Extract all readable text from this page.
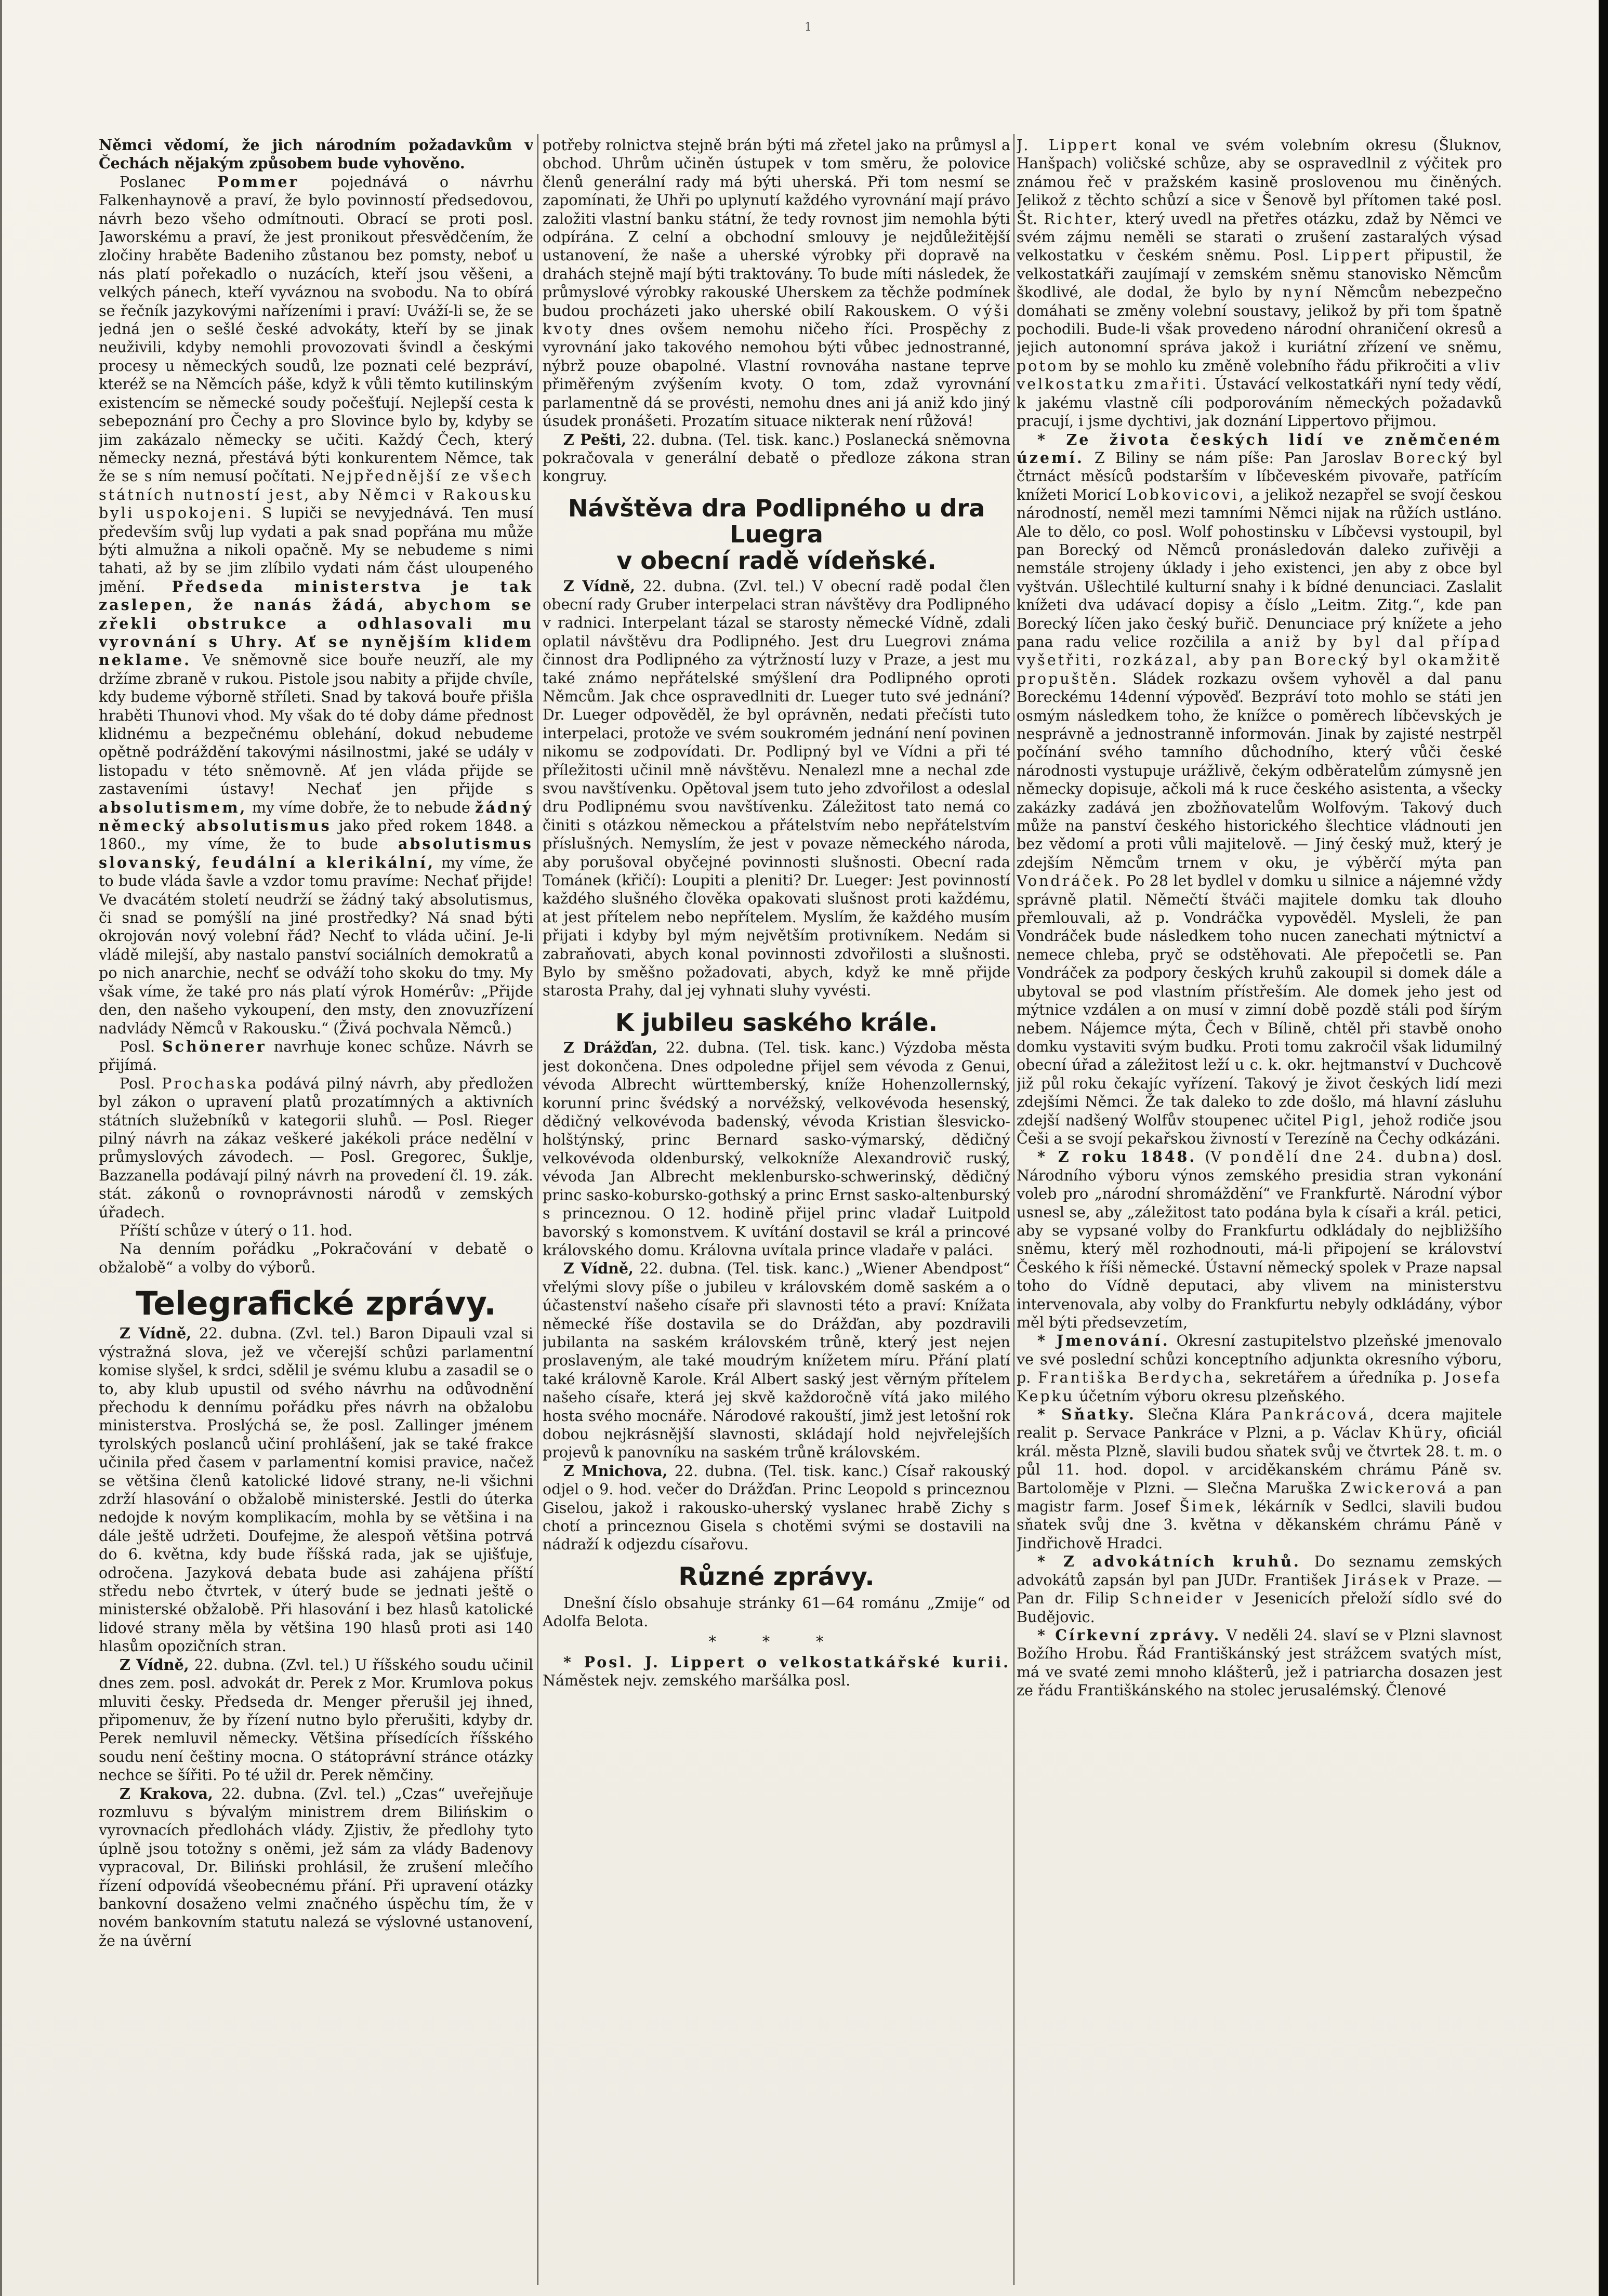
1

Němci vědomí, že jich národním požadavkům v Čechách nějakým způsobem bude vyhověno.

Poslanec Pommer pojednává o návrhu Falkenhaynově a praví, že bylo povinností předsedovou, návrh bezo všeho odmítnouti. Obrací se proti posl. Jaworskému a praví, že jest pronikout přesvědčením, že zločiny hraběte Badeniho zůstanou bez pomsty, neboť u nás platí pořekadlo o nuzácích, kteří jsou věšeni, a velkých pánech, kteří vyváznou na svobodu. Na to obírá se řečník jazykovými nařízeními i praví: Uváží-li se, že se jedná jen o sešlé české advokáty, kteří by se jinak neuživili, kdyby nemohli provozovati švindl a českými procesy u německých soudů, lze poznati celé bezpráví, kteréž se na Němcích páše, když k vůli těmto kutilinským existencím se německé soudy počešťují. Nejlepší cesta k sebepoznání pro Čechy a pro Slovince bylo by, kdyby se jim zakázalo německy se učiti. Každý Čech, který německy nezná, přestává býti konkurentem Němce, tak že se s ním nemusí počítati. Nejpřednější ze všech státních nutností jest, aby Němci v Rakousku byli uspokojeni. S lupiči se nevyjednává. Ten musí především svůj lup vydati a pak snad popřána mu může býti almužna a nikoli opačně. My se nebudeme s nimi tahati, až by se jim zlíbilo vydati nám část uloupeného jmění. Předseda ministerstva je tak zaslepen, že nanás žádá, abychom se zřekli obstrukce a odhlasovali mu vyrovnání s Uhry. Ať se nynějším klidem neklame. Ve sněmovně sice bouře neuzří, ale my držíme zbraně v rukou. Pistole jsou nabity a přijde chvíle, kdy budeme výborně stříleti. Snad by taková bouře přišla hraběti Thunovi vhod. My však do té doby dáme přednost klidnému a bezpečnému oblehání, dokud nebudeme opětně podráždění takovými násilnostmi, jaké se udály v listopadu v této sněmovně. Ať jen vláda přijde se zastaveními ústavy! Nechať jen přijde s absolutismem, my víme dobře, že to nebude žádný německý absolutismus jako před rokem 1848. a 1860., my víme, že to bude absolutismus slovanský, feudální a klerikální, my víme, že to bude vláda šavle a vzdor tomu pravíme: Nechať přijde! Ve dvacátém století neudrží se žádný taký absolutismus, či snad se pomýšlí na jiné prostředky? Ná snad býti okrojován nový volební řád? Nechť to vláda učiní. Je-li vládě milejší, aby nastalo panství sociálních demokratů a po nich anarchie, nechť se odváží toho skoku do tmy. My však víme, že také pro nás platí výrok Homérův: „Přijde den, den našeho vykoupení, den msty, den znovuzřízení nadvlády Němců v Rakousku.“ (Živá pochvala Němců.)

Posl. Schönerer navrhuje konec schůze. Návrh se přijímá.

Posl. Prochaska podává pilný návrh, aby předložen byl zákon o upravení platů prozatímných a aktivních státních služebníků v kategorii sluhů. — Posl. Rieger pilný návrh na zákaz veškeré jakékoli práce nedělní v průmyslových závodech. — Posl. Gregorec, Šuklje, Bazzanella podávají pilný návrh na provedení čl. 19. zák. stát. zákonů o rovnoprávnosti národů v zemských úřadech.

Příští schůze v úterý o 11. hod.

Na denním pořádku „Pokračování v debatě o obžalobě“ a volby do výborů.

Telegrafické zprávy.

Z Vídně, 22. dubna. (Zvl. tel.) Baron Dipauli vzal si výstražná slova, jež ve včerejší schůzi parlamentní komise slyšel, k srdci, sdělil je svému klubu a zasadil se o to, aby klub upustil od svého návrhu na odůvodnění přechodu k dennímu pořádku přes návrh na obžalobu ministerstva. Proslýchá se, že posl. Zallinger jménem tyrolských poslanců učiní prohlášení, jak se také frakce učinila před časem v parlamentní komisi pravice, načež se většina členů katolické lidové strany, ne-li všichni zdrží hlasování o obžalobě ministerské. Jestli do úterka nedojde k novým komplikacím, mohla by se většina i na dále ještě udržeti. Doufejme, že alespoň většina potrvá do 6. května, kdy bude říšská rada, jak se ujišťuje, odročena. Jazyková debata bude asi zahájena příští středu nebo čtvrtek, v úterý bude se jednati ještě o ministerské obžalobě. Při hlasování i bez hlasů katolické lidové strany měla by většina 190 hlasů proti asi 140 hlasům opozičních stran.

Z Vídně, 22. dubna. (Zvl. tel.) U říšského soudu učinil dnes zem. posl. advokát dr. Perek z Mor. Krumlova pokus mluviti česky. Předseda dr. Menger přerušil jej ihned, připomenuv, že by řízení nutno bylo přerušiti, kdyby dr. Perek nemluvil německy. Většina přísedících říšského soudu není češtiny mocna. O státoprávní stránce otázky nechce se šířiti. Po té užil dr. Perek němčiny.

Z Krakova, 22. dubna. (Zvl. tel.) „Czas“ uveřejňuje rozmluvu s bývalým ministrem drem Bilińskim o vyrovnacích předlohách vlády. Zjistiv, že předlohy tyto úplně jsou totožny s oněmi, jež sám za vlády Badenovy vypracoval, Dr. Biliński prohlásil, že zrušení mlečího řízení odpovídá všeobecnému přání. Při upravení otázky bankovní dosaženo velmi značného úspěchu tím, že v novém bankovním statutu nalezá se výslovné ustanovení, že na úvěrní

potřeby rolnictva stejně brán býti má zřetel jako na průmysl a obchod. Uhrům učiněn ústupek v tom směru, že polovice členů generální rady má býti uherská. Při tom nesmí se zapomínati, že Uhři po uplynutí každého vyrovnání mají právo založiti vlastní banku státní, že tedy rovnost jim nemohla býti odpírána. Z celní a obchodní smlouvy je nejdůležitější ustanovení, že naše a uherské výrobky při dopravě na drahách stejně mají býti traktovány. To bude míti následek, že průmyslové výrobky rakouské Uherskem za těchže podmínek budou procházeti jako uherské obilí Rakouskem. O výši kvoty dnes ovšem nemohu ničeho říci. Prospěchy z vyrovnání jako takového nemohou býti vůbec jednostranné, nýbrž pouze obapolné. Vlastní rovnováha nastane teprve přiměřeným zvýšením kvoty. O tom, zdaž vyrovnání parlamentně dá se provésti, nemohu dnes ani já aniž kdo jiný úsudek pronášeti. Prozatím situace nikterak není růžová!

Z Pešti, 22. dubna. (Tel. tisk. kanc.) Poslanecká sněmovna pokračovala v generální debatě o předloze zákona stran kongruy.

Návštěva dra Podlipného u dra Luegra
v obecní radě vídeňské.

Z Vídně, 22. dubna. (Zvl. tel.) V obecní radě podal člen obecní rady Gruber interpelaci stran návštěvy dra Podlipného v radnici. Interpelant tázal se starosty německé Vídně, zdali oplatil návštěvu dra Podlipného. Jest dru Luegrovi známa činnost dra Podlipného za výtržností luzy v Praze, a jest mu také známo nepřátelské smýšlení dra Podlipného oproti Němcům. Jak chce ospravedlniti dr. Lueger tuto své jednání? Dr. Lueger odpověděl, že byl oprávněn, nedati přečísti tuto interpelaci, protože ve svém soukromém jednání není povinen nikomu se zodpovídati. Dr. Podlipný byl ve Vídni a při té příležitosti učinil mně návštěvu. Nenalezl mne a nechal zde svou navštívenku. Opětoval jsem tuto jeho zdvořilost a odeslal dru Podlipnému svou navštívenku. Záležitost tato nemá co činiti s otázkou německou a přátelstvím nebo nepřátelstvím příslušných. Nemyslím, že jest v povaze německého národa, aby porušoval obyčejné povinnosti slušnosti. Obecní rada Tománek (křičí): Loupiti a pleniti? Dr. Lueger: Jest povinností každého slušného člověka opakovati slušnost proti každému, at jest přítelem nebo nepřítelem. Myslím, že každého musím přijati i kdyby byl mým největším protivníkem. Nedám si zabraňovati, abych konal povinnosti zdvořilosti a slušnosti. Bylo by směšno požadovati, abych, když ke mně přijde starosta Prahy, dal jej vyhnati sluhy vyvésti.

K jubileu saského krále.

Z Drážďan, 22. dubna. (Tel. tisk. kanc.) Výzdoba města jest dokončena. Dnes odpoledne přijel sem vévoda z Genui, vévoda Albrecht württemberský, kníže Hohenzollernský, korunní princ švédský a norvéžský, velkovévoda hesenský, dědičný velkovévoda badenský, vévoda Kristian šlesvicko-holštýnský, princ Bernard sasko-výmarský, dědičný velkovévoda oldenburský, velkokníže Alexandrovič ruský, vévoda Jan Albrecht meklenbursko-schwerinský, dědičný princ sasko-kobursko-gothský a princ Ernst sasko-altenburský s princeznou. O 12. hodině přijel princ vladař Luitpold bavorský s komonstvem. K uvítání dostavil se král a princové královského domu. Královna uvítala prince vladaře v paláci.

Z Vídně, 22. dubna. (Tel. tisk. kanc.) „Wiener Abendpost“ vřelými slovy píše o jubileu v královském domě saském a o účastenství našeho císaře při slavnosti této a praví: Knížata německé říše dostavila se do Drážďan, aby pozdravili jubilanta na saském královském trůně, který jest nejen proslaveným, ale také moudrým knížetem míru. Přání platí také královně Karole. Král Albert saský jest věrným přítelem našeho císaře, která jej skvě každoročně vítá jako milého hosta svého mocnáře. Národové rakouští, jimž jest letošní rok dobou nejkrásnější slavnosti, skládají hold nejvřelejších projevů k panovníku na saském trůně královském.

Z Mnichova, 22. dubna. (Tel. tisk. kanc.) Císař rakouský odjel o 9. hod. večer do Drážďan. Princ Leopold s princeznou Giselou, jakož i rakousko-uherský vyslanec hrabě Zichy s chotí a princeznou Gisela s chotěmi svými se dostavili na nádraží k odjezdu císařovu.

Různé zprávy.

Dnešní číslo obsahuje stránky 61—64 románu „Zmije“ od Adolfa Belota.

* * *

* Posl. J. Lippert o velkostatkářské kurii. Náměstek nejv. zemského maršálka posl.

J. Lippert konal ve svém volebním okresu (Šluknov, Hanšpach) voličské schůze, aby se ospravedlnil z výčitek pro známou řeč v pražském kasině proslovenou mu činěných. Jelikož z těchto schůzí a sice v Šenově byl přítomen také posl. Št. Richter, který uvedl na přetřes otázku, zdaž by Němci ve svém zájmu neměli se starati o zrušení zastaralých výsad velkostatku v českém sněmu. Posl. Lippert připustil, že velkostatkáři zaujímají v zemském sněmu stanovisko Němcům škodlivé, ale dodal, že bylo by nyní Němcům nebezpečno domáhati se změny volební soustavy, jelikož by při tom špatně pochodili. Bude-li však provedeno národní ohraničení okresů a jejich autonomní správa jakož i kuriátní zřízení ve sněmu, potom by se mohlo ku změně volebního řádu přikročiti a vliv velkostatku zmařiti. Ústavácí velkostatkáři nyní tedy vědí, k jakému vlastně cíli podporováním německých požadavků pracují, i jsme dychtivi, jak doznání Lippertovo přijmou.

* Ze života českých lidí ve zněmčeném území. Z Biliny se nám píše: Pan Jaroslav Borecký byl čtrnáct měsíců podstarším v líbčeveském pivovaře, patřícím knížeti Moricí Lobkovicovi, a jelikož nezapřel se svojí českou národností, neměl mezi tamními Němci nijak na růžích ustláno. Ale to dělo, co posl. Wolf pohostinsku v Líbčevsi vystoupil, byl pan Borecký od Němců pronásledován daleko zuřivěji a nemstále strojeny úklady i jeho existenci, jen aby z obce byl vyštván. Ušlechtilé kulturní snahy i k bídné denunciaci. Zaslalit knížeti dva udávací dopisy a číslo „Leitm. Zitg.“, kde pan Borecký líčen jako český buřič. Denunciace prý knížete a jeho pana radu velice rozčilila a aniž by byl dal případ vyšetřiti, rozkázal, aby pan Borecký byl okamžitě propuštěn. Sládek rozkazu ovšem vyhověl a dal panu Boreckému 14denní výpověď. Bezpráví toto mohlo se státi jen osmým následkem toho, že knížce o poměrech líbčevských je nesprávně a jednostranně informován. Jinak by zajisté nestrpěl počínání svého tamního důchodního, který vůči české národnosti vystupuje urážlivě, čekým odběratelům zúmysně jen německy dopisuje, ačkoli má k ruce českého asistenta, a všecky zakázky zadává jen zbožňovatelům Wolfovým. Takový duch může na panství českého historického šlechtice vládnouti jen bez vědomí a proti vůli majitelově. — Jiný český muž, který je zdejším Němcům trnem v oku, je výběrčí mýta pan Vondráček. Po 28 let bydlel v domku u silnice a nájemné vždy správně platil. Němečtí štváči majitele domku tak dlouho přemlouvali, až p. Vondráčka vypověděl. Mysleli, že pan Vondráček bude následkem toho nucen zanechati mýtnictví a nemece chleba, pryč se odstěhovati. Ale přepočetli se. Pan Vondráček za podpory českých kruhů zakoupil si domek dále a ubytoval se pod vlastním přístřeším. Ale domek jeho jest od mýtnice vzdálen a on musí v zimní době pozdě stáli pod šírým nebem. Nájemce mýta, Čech v Bílině, chtěl při stavbě onoho domku vystaviti svým budku. Proti tomu zakročil však lidumilný obecní úřad a záležitost leží u c. k. okr. hejtmanství v Duchcově již půl roku čekajíc vyřízení. Takový je život českých lidí mezi zdejšími Němci. Že tak daleko to zde došlo, má hlavní zásluhu zdejší nadšený Wolfův stoupenec učitel Pigl, jehož rodiče jsou Češi a se svojí pekařskou živností v Terezíně na Čechy odkázáni.

* Z roku 1848. (V pondělí dne 24. dubna) dosl. Národního výboru výnos zemského presidia stran vykonání voleb pro „národní shromáždění“ ve Frankfurtě. Národní výbor usnesl se, aby „záležitost tato podána byla k císaři a král. petici, aby se vypsané volby do Frankfurtu odkládaly do nejbližšího sněmu, který měl rozhodnouti, má-li připojení se království Českého k říši německé. Ústavní německý spolek v Praze napsal toho do Vídně deputaci, aby vlivem na ministerstvu intervenovala, aby volby do Frankfurtu nebyly odkládány, výbor měl býti předsevzetím,

* Jmenování. Okresní zastupitelstvo plzeňské jmenovalo ve své poslední schůzi konceptního adjunkta okresního výboru, p. Františka Berdycha, sekretářem a úředníka p. Josefa Kepku účetním výboru okresu plzeňského.

* Sňatky. Slečna Klára Pankrácová, dcera majitele realit p. Servace Pankráce v Plzni, a p. Václav Khüry, oficiál král. města Plzně, slavili budou sňatek svůj ve čtvrtek 28. t. m. o půl 11. hod. dopol. v arciděkanském chrámu Páně sv. Bartoloměje v Plzni. — Slečna Maruška Zwickerová a pan magistr farm. Josef Šimek, lékárník v Sedlci, slavili budou sňatek svůj dne 3. května v děkanském chrámu Páně v Jindřichově Hradci.

* Z advokátních kruhů. Do seznamu zemských advokátů zapsán byl pan JUDr. František Jirásek v Praze. — Pan dr. Filip Schneider v Jesenicích přeloží sídlo své do Budějovic.

* Církevní zprávy. V neděli 24. slaví se v Plzni slavnost Božího Hrobu. Řád Františkánský jest strážcem svatých míst, má ve svaté zemi mnoho klášterů, jež i patriarcha dosazen jest ze řádu Františkánského na stolec jerusalémský. Členové
